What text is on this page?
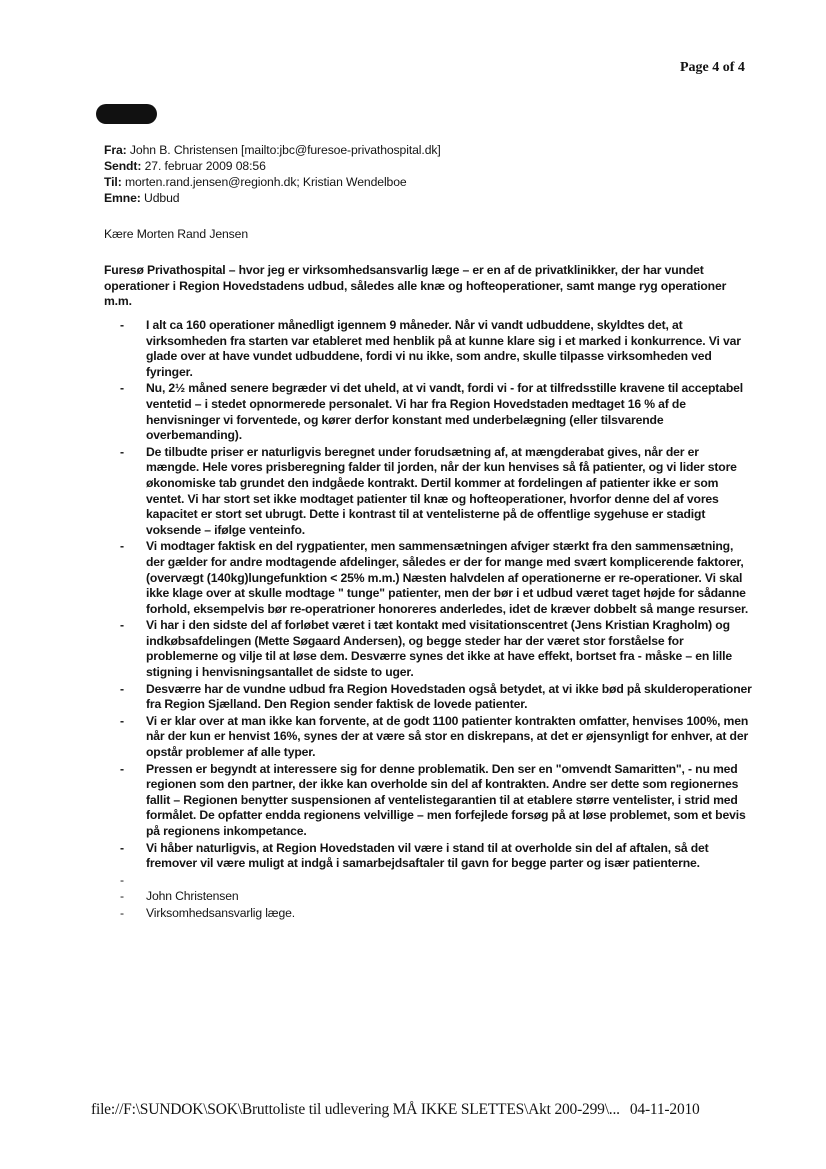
Page 4 of 4
Fra: John B. Christensen [mailto:jbc@furesoe-privathospital.dk]
Sendt: 27. februar 2009 08:56
Til: morten.rand.jensen@regionh.dk; Kristian Wendelboe
Emne: Udbud
Kære Morten Rand Jensen
Furesø Privathospital – hvor jeg er virksomhedsansvarlig læge – er en af de privatklinikker, der har vundet operationer i Region Hovedstadens udbud, således alle knæ og hofteoperationer, samt mange ryg operationer m.m.
- I alt ca 160 operationer månedligt igennem 9 måneder. Når vi vandt udbuddene, skyldtes det, at virksomheden fra starten var etableret med henblik på at kunne klare sig i et marked i konkurrence. Vi var glade over at have vundet udbuddene, fordi vi nu ikke, som andre, skulle tilpasse virksomheden ved fyringer.
- Nu, 2½ måned senere begræder vi det uheld, at vi vandt, fordi vi - for at tilfredsstille kravene til acceptabel ventetid – i stedet opnormerede personalet. Vi har fra Region Hovedstaden medtaget 16 % af de henvisninger vi forventede, og kører derfor konstant med underbelægning (eller tilsvarende overbemanding).
- De tilbudte priser er naturligvis beregnet under forudsætning af, at mængderabat gives, når der er mængde. Hele vores prisberegning falder til jorden, når der kun henvises så få patienter, og vi lider store økonomiske tab grundet den indgåede kontrakt. Dertil kommer at fordelingen af patienter ikke er som ventet. Vi har stort set ikke modtaget patienter til knæ og hofteoperationer, hvorfor denne del af vores kapacitet er stort set ubrugt. Dette i kontrast til at ventelisterne på de offentlige sygehuse er stadigt voksende – ifølge venteinfo.
- Vi modtager faktisk en del rygpatienter, men sammensætningen afviger stærkt fra den sammensætning, der gælder for andre modtagende afdelinger, således er der for mange med svært komplicerende faktorer, (overvægt (140kg)lungefunktion < 25% m.m.) Næsten halvdelen af operationerne er re-operationer. Vi skal ikke klage over at skulle modtage " tunge" patienter, men der bør i et udbud været taget højde for sådanne forhold, eksempelvis bør re-operatrioner honoreres anderledes, idet de kræver dobbelt så mange resurser.
- Vi har i den sidste del af forløbet været i tæt kontakt med visitationscentret (Jens Kristian Kragholm) og indkøbsafdelingen (Mette Søgaard Andersen), og begge steder har der været stor forståelse for problemerne og vilje til at løse dem. Desværre synes det ikke at have effekt, bortset fra - måske – en lille stigning i henvisningsantallet de sidste to uger.
- Desværre har de vundne udbud fra Region Hovedstaden også betydet, at vi ikke bød på skulderoperationer fra Region Sjælland. Den Region sender faktisk de lovede patienter.
- Vi er klar over at man ikke kan forvente, at de godt 1100 patienter kontrakten omfatter, henvises 100%, men når der kun er henvist 16%, synes der at være så stor en diskrepans, at det er øjensynligt for enhver, at der opstår problemer af alle typer.
- Pressen er begyndt at interessere sig for denne problematik. Den ser en "omvendt Samaritten", - nu med regionen som den partner, der ikke kan overholde sin del af kontrakten. Andre ser dette som regionernes fallit – Regionen benytter suspensionen af ventelistegarantien til at etablere større ventelister, i strid med formålet. De opfatter endda regionens velvillige – men forfejlede forsøg på at løse problemet, som et bevis på regionens inkompetance.
- Vi håber naturligvis, at Region Hovedstaden vil være i stand til at overholde sin del af aftalen, så det fremover vil være muligt at indgå i samarbejdsaftaler til gavn for begge parter og især patienterne.
-

- John Christensen
- Virksomhedsansvarlig læge.
file://F:\SUNDOK\SOK\Bruttoliste til udlevering MÅ IKKE SLETTES\Akt 200-299\... 04-11-2010
